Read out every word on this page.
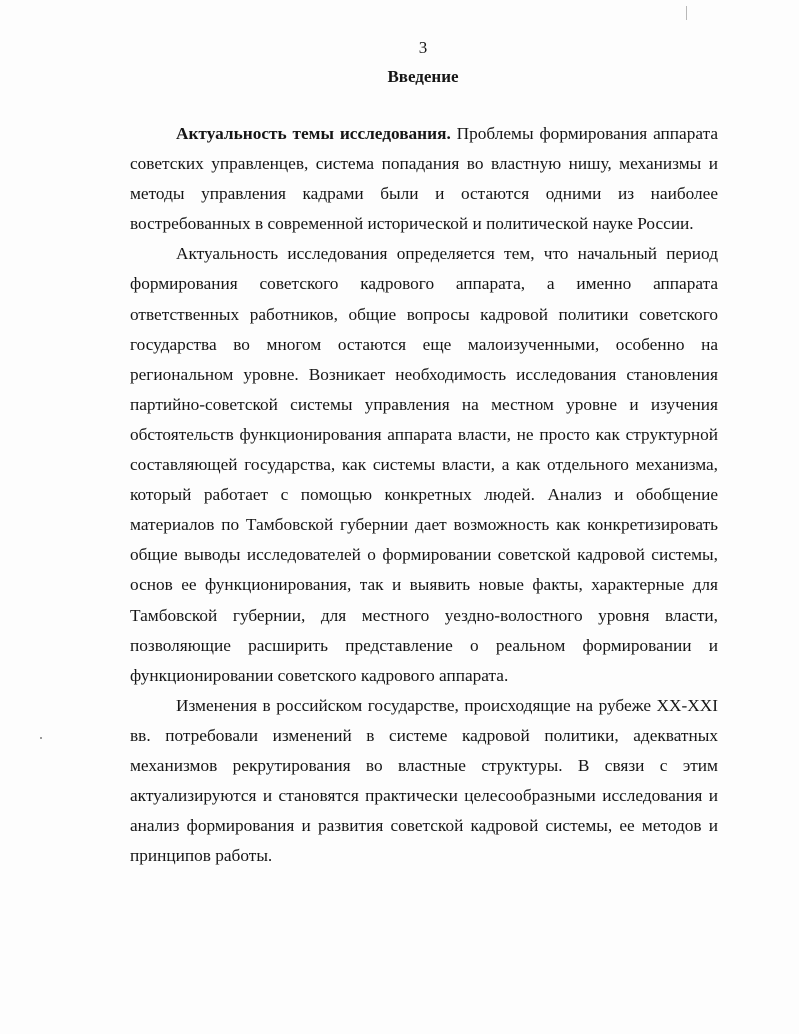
3
Введение

Актуальность темы исследования. Проблемы формирования аппарата советских управленцев, система попадания во властную нишу, механизмы и методы управления кадрами были и остаются одними из наиболее востребованных в современной исторической и политической науке России.

Актуальность исследования определяется тем, что начальный период формирования советского кадрового аппарата, а именно аппарата ответственных работников, общие вопросы кадровой политики советского государства во многом остаются еще малоизученными, особенно на региональном уровне. Возникает необходимость исследования становления партийно-советской системы управления на местном уровне и изучения обстоятельств функционирования аппарата власти, не просто как структурной составляющей государства, как системы власти, а как отдельного механизма, который работает с помощью конкретных людей. Анализ и обобщение материалов по Тамбовской губернии дает возможность как конкретизировать общие выводы исследователей о формировании советской кадровой системы, основ ее функционирования, так и выявить новые факты, характерные для Тамбовской губернии, для местного уездно-волостного уровня власти, позволяющие расширить представление о реальном формировании и функционировании советского кадрового аппарата.

Изменения в российском государстве, происходящие на рубеже XX-XXI вв. потребовали изменений в системе кадровой политики, адекватных механизмов рекрутирования во властные структуры. В связи с этим актуализируются и становятся практически целесообразными исследования и анализ формирования и развития советской кадровой системы, ее методов и принципов работы.
